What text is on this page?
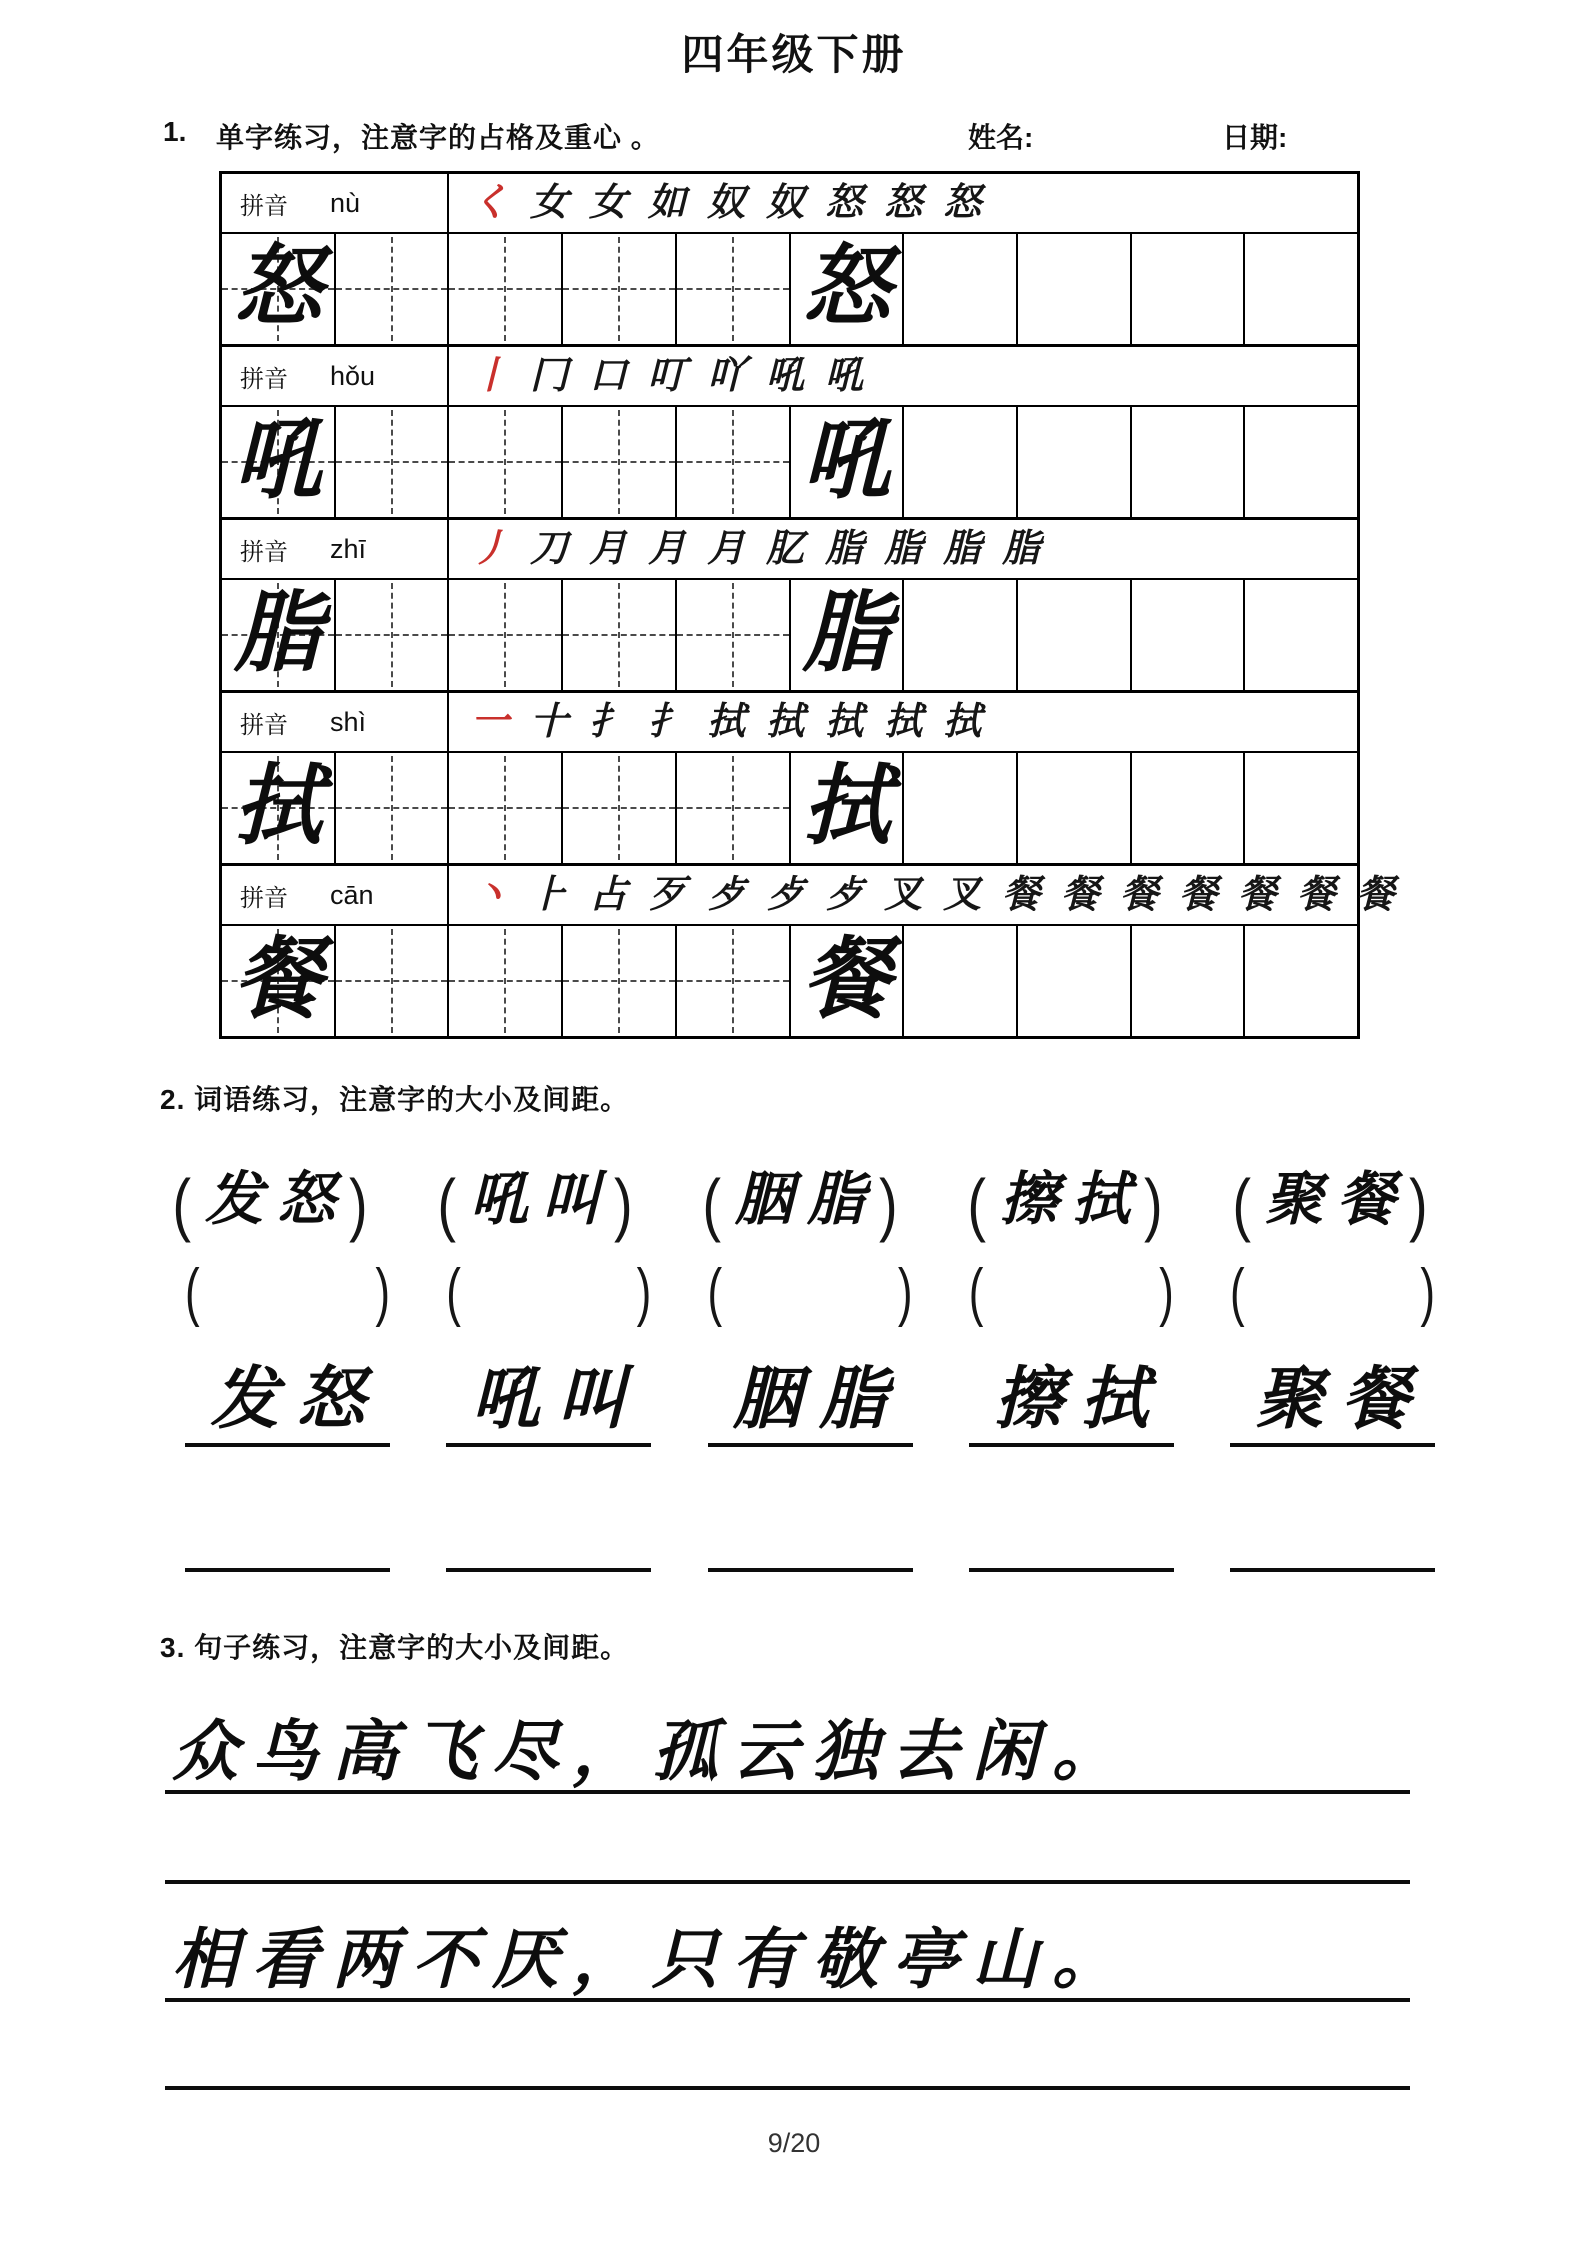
四年级下册
1. 单字练习，注意字的占格及重心 。	姓名:	日期:
拼音 nù	く 女 女 如 奴 奴 怒 怒 怒
怒	怒
拼音 hǒu	丨 冂 口 叮 吖 吼 吼
吼	吼
拼音 zhī	丿 刀 月 月 月 肊 脂 脂 脂 脂
脂	脂
拼音 shì	一 十 扌 扌 拭 拭 拭 拭 拭
拭	拭
拼音 cān	丶 ⺊ 占 歹 歺 歺 歺 叉 叉 餐 餐 餐 餐 餐 餐 餐
餐	餐
2. 词语练习，注意字的大小及间距。
( 发怒 ) ( 吼叫 ) ( 胭脂 ) ( 擦拭 ) ( 聚餐 )
(	) (	) (	) (	) (	)
发怒 吼叫 胭脂 擦拭 聚餐
3. 句子练习，注意字的大小及间距。
众鸟高飞尽，孤云独去闲。
相看两不厌，只有敬亭山。
9/20
